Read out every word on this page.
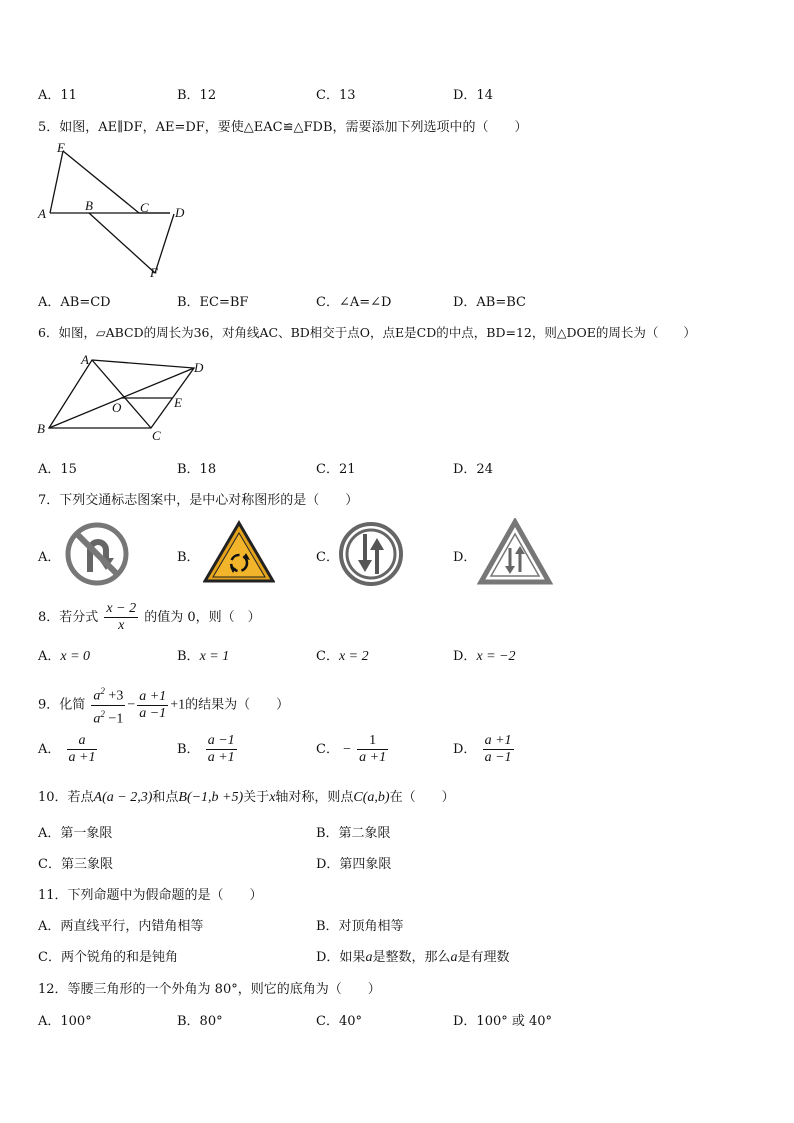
A．11	B．12	C．13	D．14
5．如图，AE∥DF，AE=DF，要使△EAC≌△FDB，需要添加下列选项中的（　　）
E
A
B	C D
F
A．AB=CD	B．EC=BF	C．∠A=∠D	D．AB=BC
6．如图，▱ABCD的周长为36，对角线AC、BD相交于点O，点E是CD的中点，BD=12，则△DOE的周长为（　　）
A
D
O	E
B	C
A．15	B．18	C．21	D．24
7．下列交通标志图案中，是中心对称图形的是（　　）
A．	B．	C．	D．
8．若分式 $\frac{x - 2}{x}$ 的值为 0，则（　）
A．x = 0	B．x = 1	C．x = 2	D．x = −2
9．化简 $\frac{a^2 +3}{a^2 -1} - \frac{a +1}{a -1} +1$的结果为（　　）
A． $\frac{a}{a +1}$	B． $\frac{a -1}{a +1}$	C． − $\frac{1}{a +1}$	D． $\frac{a +1}{a -1}$
10．若点A(a − 2,3)和点B(−1,b +5)关于x轴对称，则点C(a,b)在（　　）
A．第一象限	B．第二象限
C．第三象限	D．第四象限
11．下列命题中为假命题的是（　　）
A．两直线平行，内错角相等	B．对顶角相等
C．两个锐角的和是钝角	D．如果a是整数，那么a是有理数
12．等腰三角形的一个外角为 80°，则它的底角为（　　）
A．100°	B．80°	C．40°	D．100° 或 40°
